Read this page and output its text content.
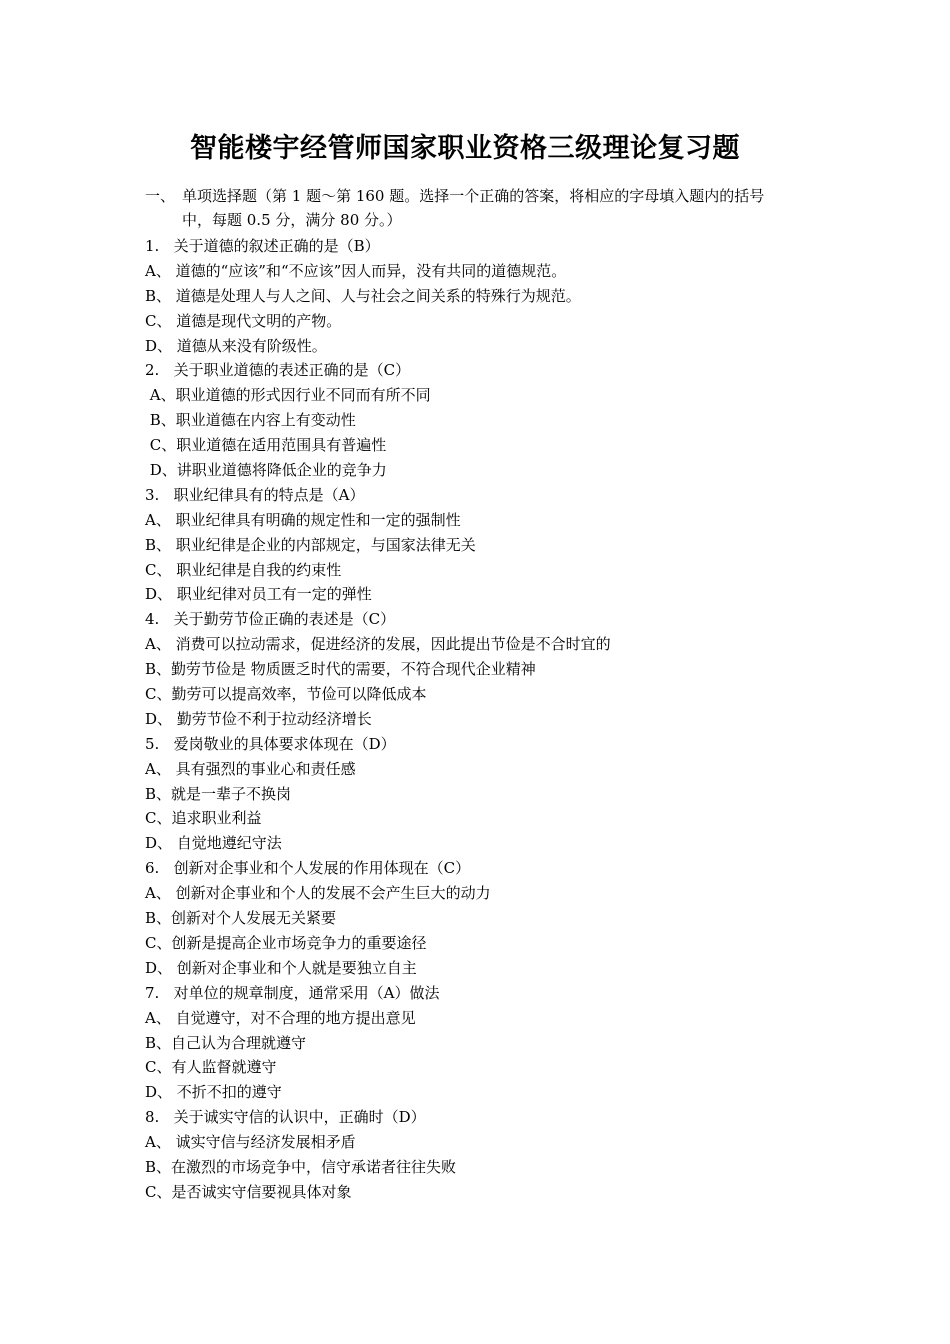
智能楼宇经管师国家职业资格三级理论复习题
一、 单项选择题（第 1 题～第 160 题。选择一个正确的答案，将相应的字母填入题内的括号
中，每题 0.5 分，满分 80 分。）
1.   关于道德的叙述正确的是（B）
A、 道德的“应该”和“不应该”因人而异，没有共同的道德规范。
B、 道德是处理人与人之间、人与社会之间关系的特殊行为规范。
C、 道德是现代文明的产物。
D、 道德从来没有阶级性。
2.   关于职业道德的表述正确的是（C）
A、职业道德的形式因行业不同而有所不同
B、职业道德在内容上有变动性
C、职业道德在适用范围具有普遍性
D、讲职业道德将降低企业的竞争力
3.   职业纪律具有的特点是（A）
A、 职业纪律具有明确的规定性和一定的强制性
B、 职业纪律是企业的内部规定，与国家法律无关
C、 职业纪律是自我的约束性
D、 职业纪律对员工有一定的弹性
4.   关于勤劳节俭正确的表述是（C）
A、 消费可以拉动需求，促进经济的发展，因此提出节俭是不合时宜的
B、勤劳节俭是 物质匮乏时代的需要，不符合现代企业精神
C、勤劳可以提高效率，节俭可以降低成本
D、 勤劳节俭不利于拉动经济增长
5.   爱岗敬业的具体要求体现在（D）
A、 具有强烈的事业心和责任感
B、就是一辈子不换岗
C、追求职业利益
D、 自觉地遵纪守法
6.   创新对企事业和个人发展的作用体现在（C）
A、 创新对企事业和个人的发展不会产生巨大的动力
B、创新对个人发展无关紧要
C、创新是提高企业市场竞争力的重要途径
D、 创新对企事业和个人就是要独立自主
7.   对单位的规章制度，通常采用（A）做法
A、 自觉遵守，对不合理的地方提出意见
B、自己认为合理就遵守
C、有人监督就遵守
D、 不折不扣的遵守
8.   关于诚实守信的认识中，正确时（D）
A、 诚实守信与经济发展相矛盾
B、在激烈的市场竞争中，信守承诺者往往失败
C、是否诚实守信要视具体对象
